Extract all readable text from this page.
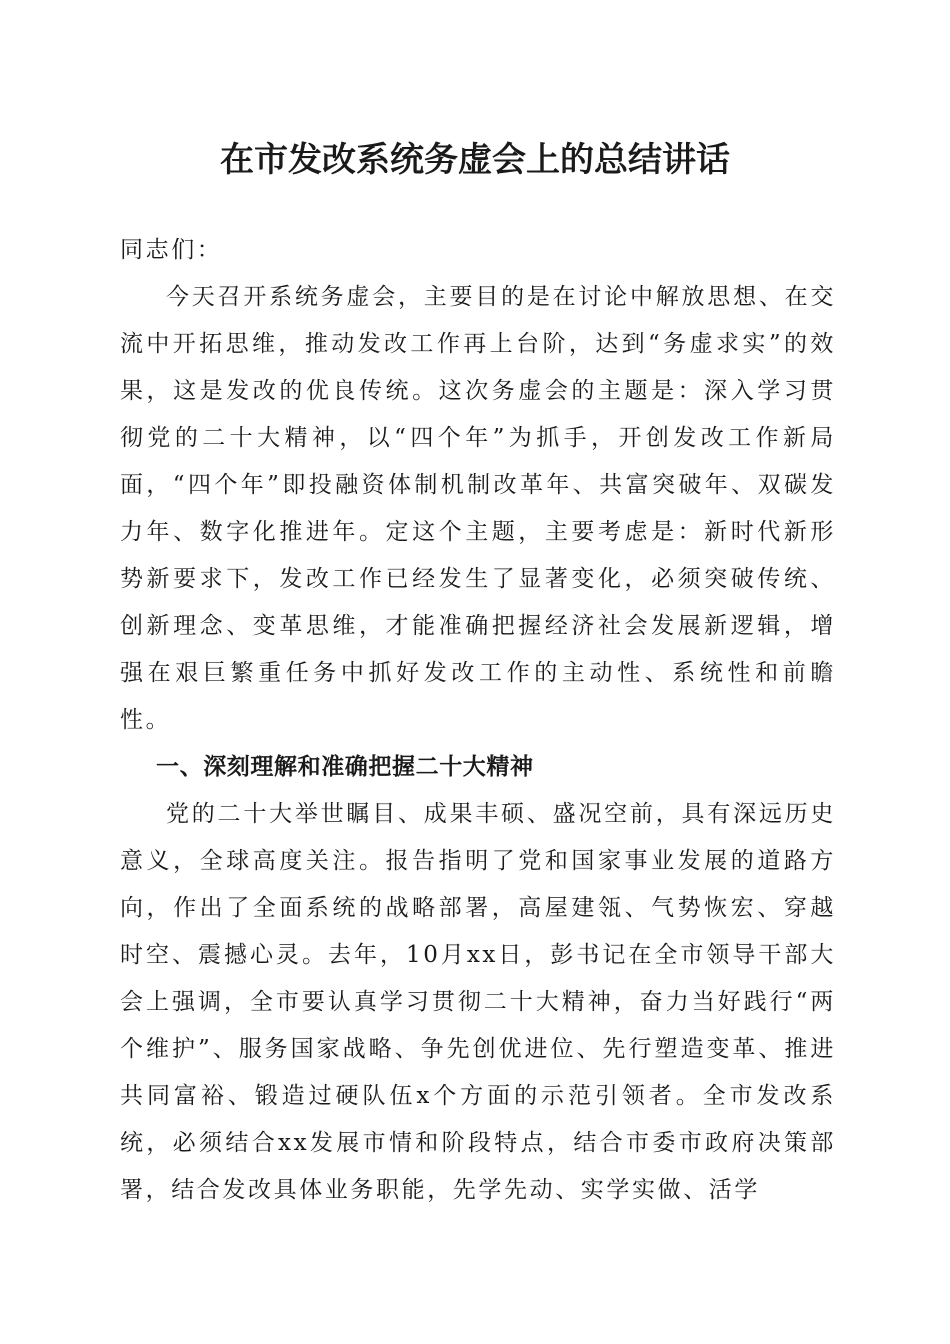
在市发改系统务虚会上的总结讲话

同志们：

今天召开系统务虚会，主要目的是在讨论中解放思想、在交流中开拓思维，推动发改工作再上台阶，达到“务虚求实”的效果，这是发改的优良传统。这次务虚会的主题是：深入学习贯彻党的二十大精神，以“四个年”为抓手，开创发改工作新局面，“四个年”即投融资体制机制改革年、共富突破年、双碳发力年、数字化推进年。定这个主题，主要考虑是：新时代新形势新要求下，发改工作已经发生了显著变化，必须突破传统、创新理念、变革思维，才能准确把握经济社会发展新逻辑，增强在艰巨繁重任务中抓好发改工作的主动性、系统性和前瞻性。

一、深刻理解和准确把握二十大精神

党的二十大举世瞩目、成果丰硕、盛况空前，具有深远历史意义，全球高度关注。报告指明了党和国家事业发展的道路方向，作出了全面系统的战略部署，高屋建瓴、气势恢宏、穿越时空、震撼心灵。去年，10月xx日，彭书记在全市领导干部大会上强调，全市要认真学习贯彻二十大精神，奋力当好践行“两个维护”、服务国家战略、争先创优进位、先行塑造变革、推进共同富裕、锻造过硬队伍x个方面的示范引领者。全市发改系统，必须结合xx发展市情和阶段特点，结合市委市政府决策部署，结合发改具体业务职能，先学先动、实学实做、活学
